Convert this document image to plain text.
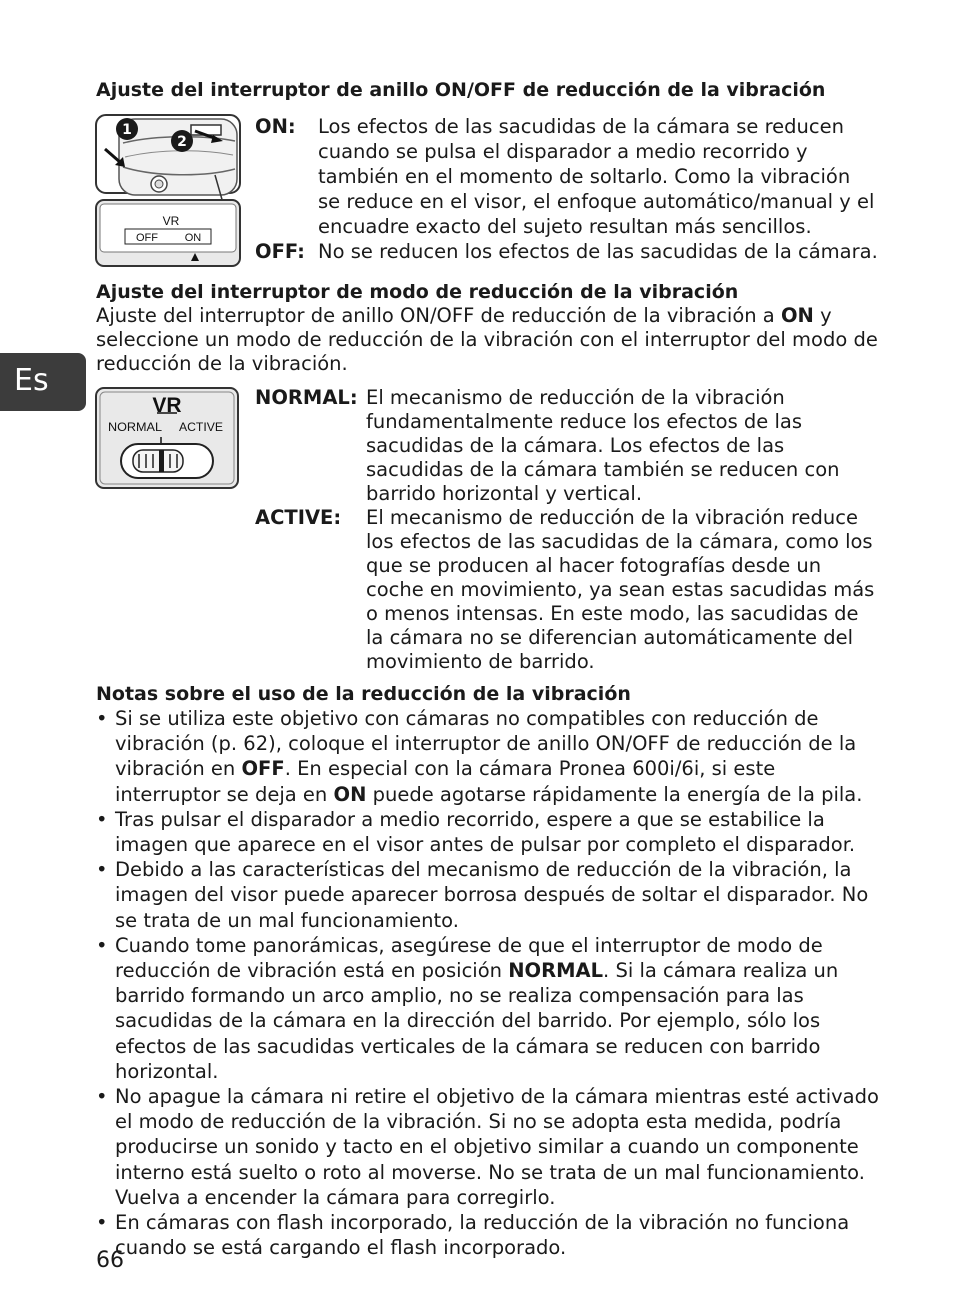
Es
Ajuste del interruptor de anillo ON/OFF de reducción de la vibración
1
2
VR
OFF ON
ON: Los efectos de las sacudidas de la cámara se reducen cuando se pulsa el disparador a medio recorrido y también en el momento de soltarlo. Como la vibración se reduce en el visor, el enfoque automático/manual y el encuadre exacto del sujeto resultan más sencillos.
OFF: No se reducen los efectos de las sacudidas de la cámara.
Ajuste del interruptor de modo de reducción de la vibración
Ajuste del interruptor de anillo ON/OFF de reducción de la vibración a ON y seleccione un modo de reducción de la vibración con el interruptor del modo de reducción de la vibración.
VR
NORMAL ACTIVE
NORMAL: El mecanismo de reducción de la vibración fundamentalmente reduce los efectos de las sacudidas de la cámara. Los efectos de las sacudidas de la cámara también se reducen con barrido horizontal y vertical.
ACTIVE: El mecanismo de reducción de la vibración reduce los efectos de las sacudidas de la cámara, como los que se producen al hacer fotografías desde un coche en movimiento, ya sean estas sacudidas más o menos intensas. En este modo, las sacudidas de la cámara no se diferencian automáticamente del movimiento de barrido.
Notas sobre el uso de la reducción de la vibración
• Si se utiliza este objetivo con cámaras no compatibles con reducción de vibración (p. 62), coloque el interruptor de anillo ON/OFF de reducción de la vibración en OFF. En especial con la cámara Pronea 600i/6i, si este interruptor se deja en ON puede agotarse rápidamente la energía de la pila.
• Tras pulsar el disparador a medio recorrido, espere a que se estabilice la imagen que aparece en el visor antes de pulsar por completo el disparador.
• Debido a las características del mecanismo de reducción de la vibración, la imagen del visor puede aparecer borrosa después de soltar el disparador. No se trata de un mal funcionamiento.
• Cuando tome panorámicas, asegúrese de que el interruptor de modo de reducción de vibración está en posición NORMAL. Si la cámara realiza un barrido formando un arco amplio, no se realiza compensación para las sacudidas de la cámara en la dirección del barrido. Por ejemplo, sólo los efectos de las sacudidas verticales de la cámara se reducen con barrido horizontal.
• No apague la cámara ni retire el objetivo de la cámara mientras esté activado el modo de reducción de la vibración. Si no se adopta esta medida, podría producirse un sonido y tacto en el objetivo similar a cuando un componente interno está suelto o roto al moverse. No se trata de un mal funcionamiento. Vuelva a encender la cámara para corregirlo.
• En cámaras con flash incorporado, la reducción de la vibración no funciona cuando se está cargando el flash incorporado.
66
